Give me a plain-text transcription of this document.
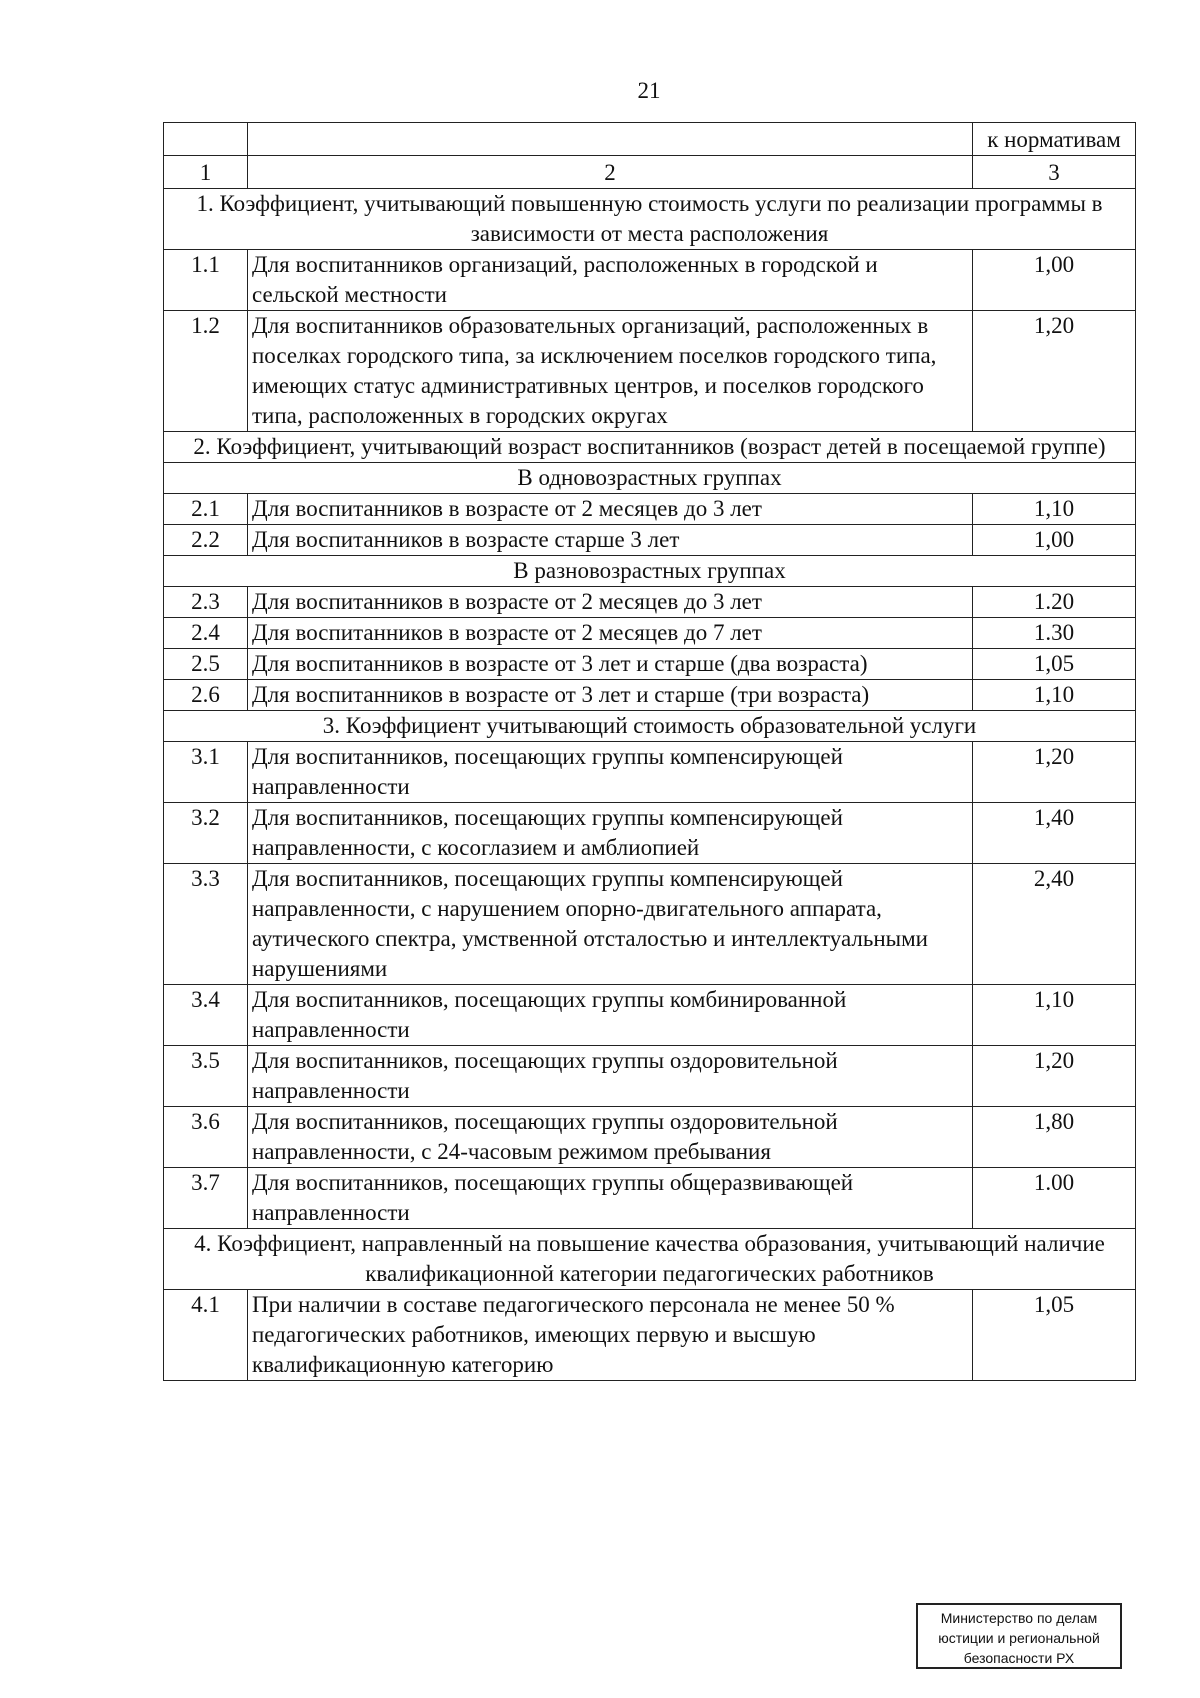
21
		к нормативам
1	2	3
1. Коэффициент, учитывающий повышенную стоимость услуги по реализации программы в зависимости от места расположения		
1.1	Для воспитанников организаций, расположенных в городской и сельской местности	1,00
1.2	Для воспитанников образовательных организаций, расположенных в поселках городского типа, за исключением поселков городского типа, имеющих статус административных центров, и поселков городского типа, расположенных в городских округах	1,20
2. Коэффициент, учитывающий возраст воспитанников (возраст детей в посещаемой группе)		
В одновозрастных группах		
2.1	Для воспитанников в возрасте от 2 месяцев до 3 лет	1,10
2.2	Для воспитанников в возрасте старше 3 лет	1,00
В разновозрастных группах		
2.3	Для воспитанников в возрасте от 2 месяцев до 3 лет	1.20
2.4	Для воспитанников в возрасте от 2 месяцев до 7 лет	1.30
2.5	Для воспитанников в возрасте от 3 лет и старше (два возраста)	1,05
2.6	Для воспитанников в возрасте от 3 лет и старше (три возраста)	1,10
3. Коэффициент учитывающий стоимость образовательной услуги		
3.1	Для воспитанников, посещающих группы компенсирующей направленности	1,20
3.2	Для воспитанников, посещающих группы компенсирующей направленности, с косоглазием и амблиопией	1,40
3.3	Для воспитанников, посещающих группы компенсирующей направленности, с нарушением опорно-двигательного аппарата, аутического спектра, умственной отсталостью и интеллектуальными нарушениями	2,40
3.4	Для воспитанников, посещающих группы комбинированной направленности	1,10
3.5	Для воспитанников, посещающих группы оздоровительной направленности	1,20
3.6	Для воспитанников, посещающих группы оздоровительной направленности, с 24-часовым режимом пребывания	1,80
3.7	Для воспитанников, посещающих группы общеразвивающей направленности	1.00
4. Коэффициент, направленный на повышение качества образования, учитывающий наличие квалификационной категории педагогических работников		
4.1	При наличии в составе педагогического персонала не менее 50 % педагогических работников, имеющих первую и высшую квалификационную категорию	1,05
Министерство по делам
юстиции и региональной
безопасности РХ
